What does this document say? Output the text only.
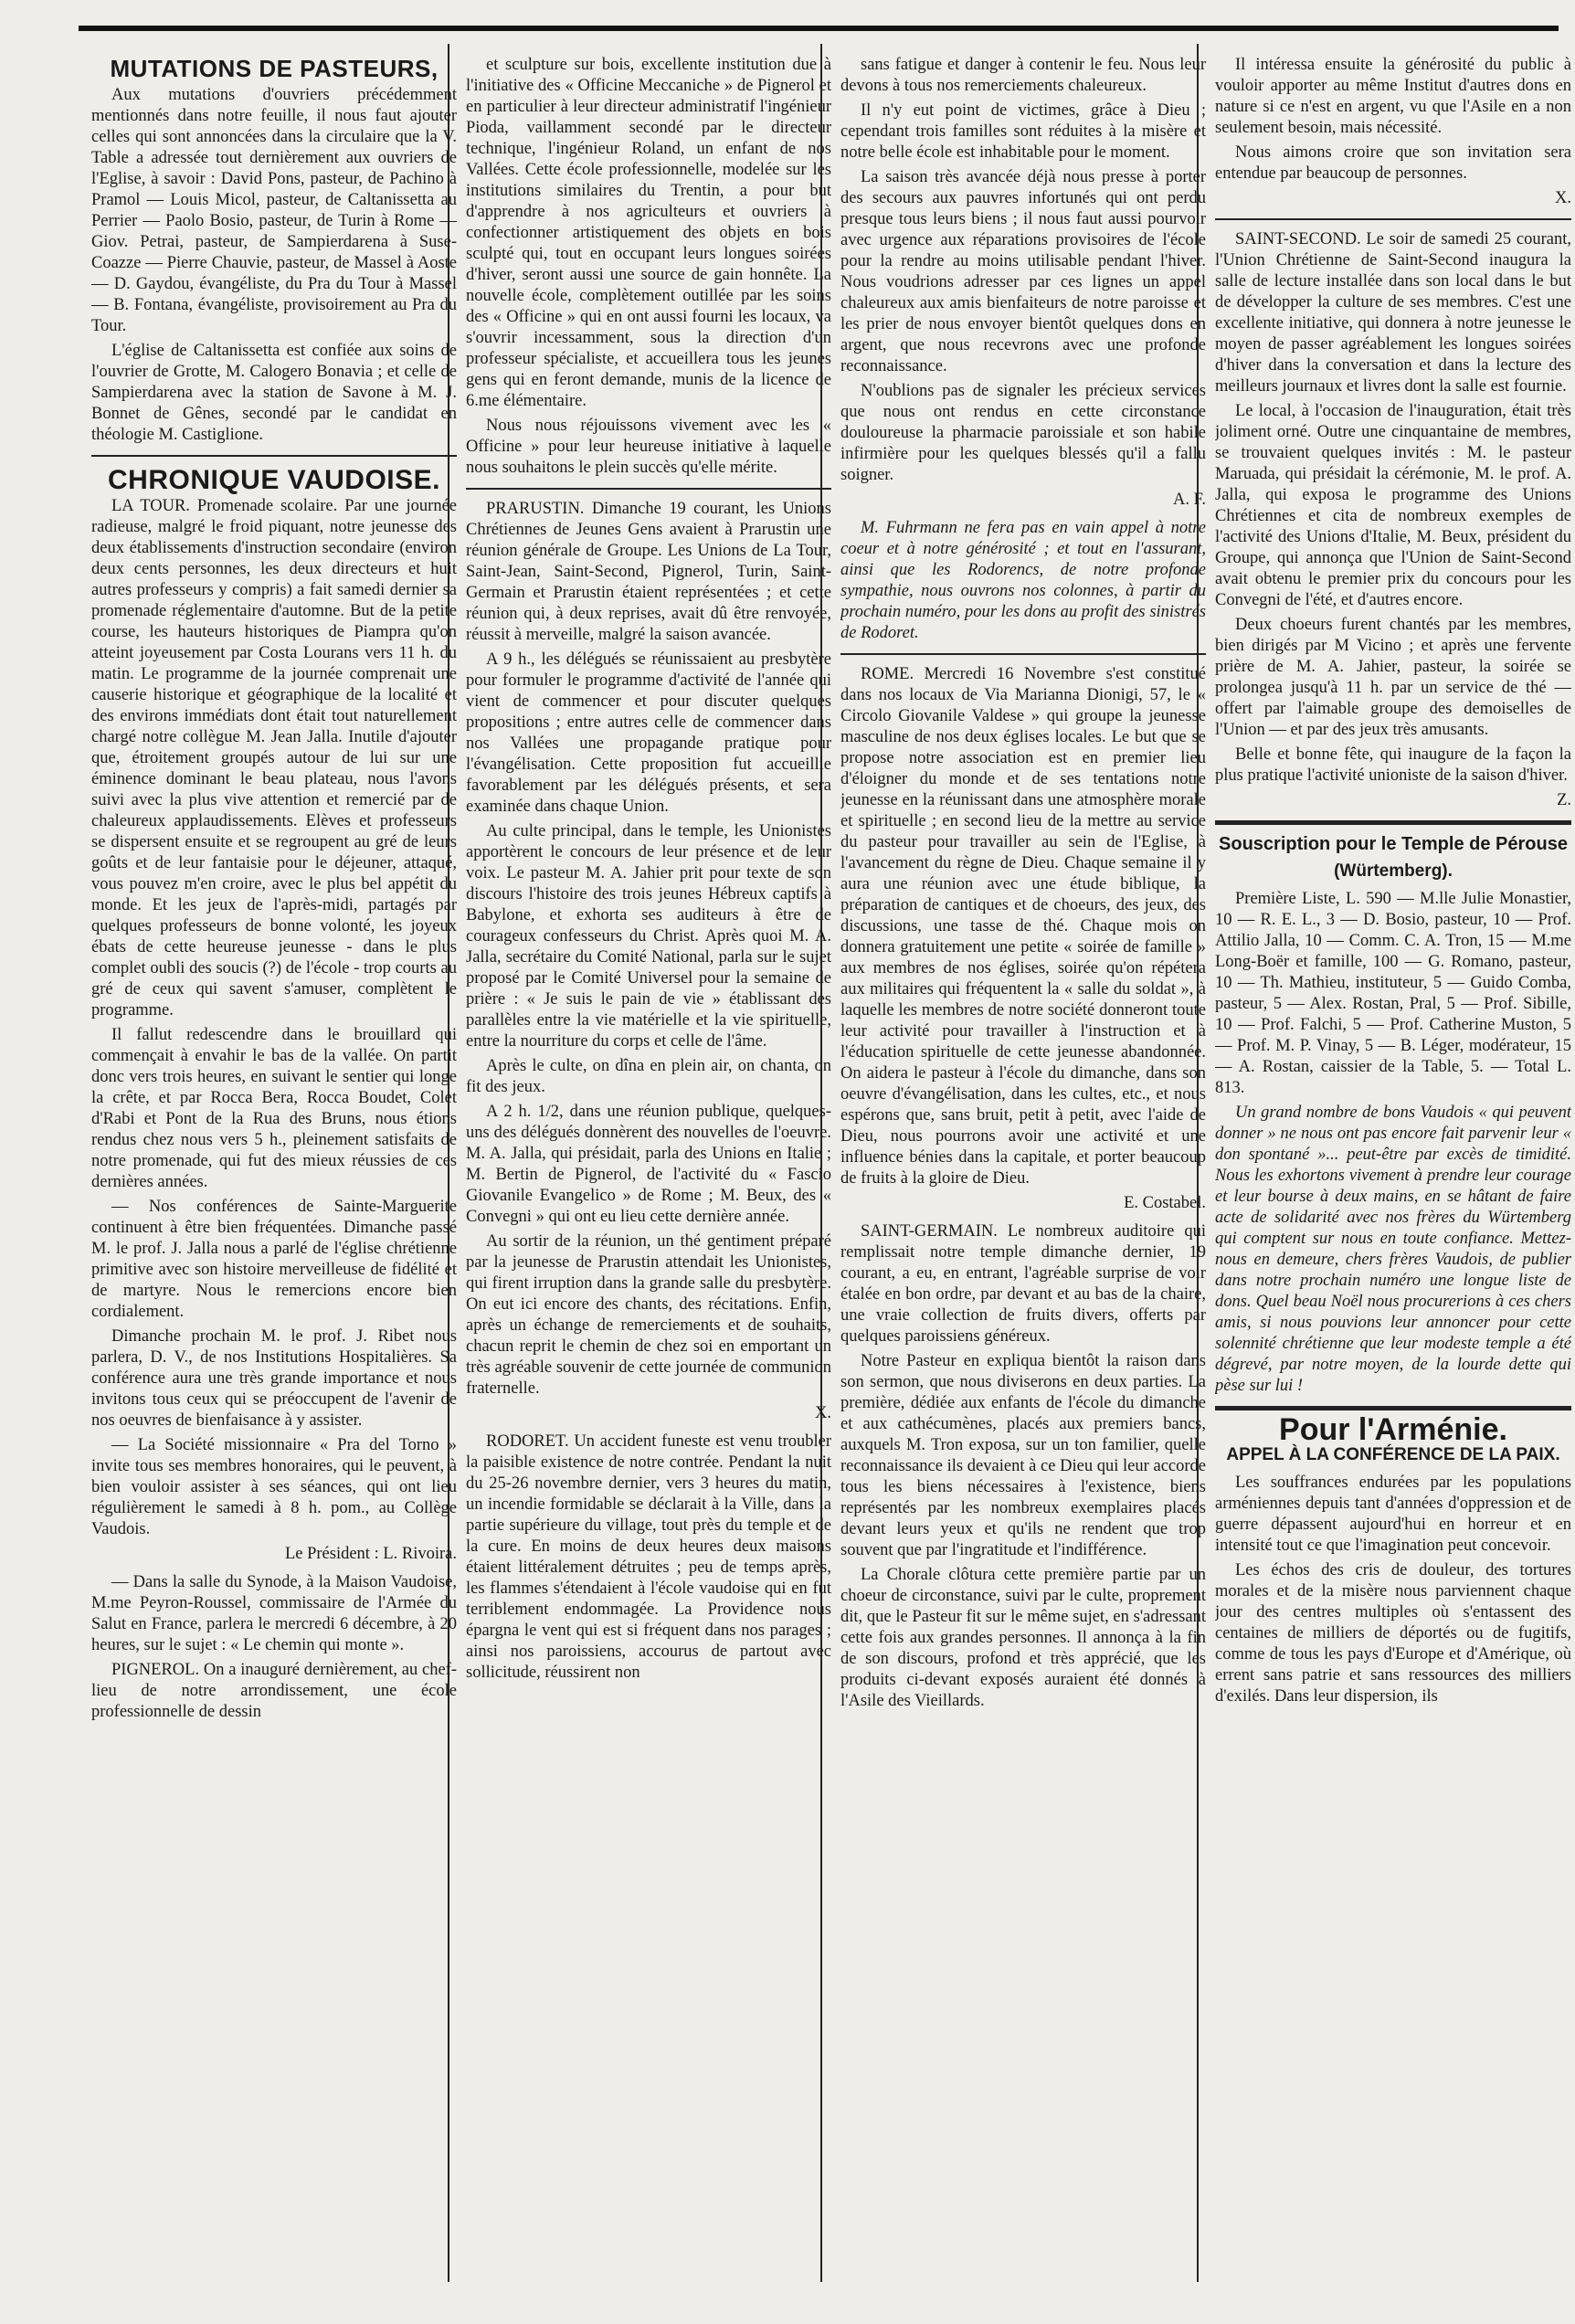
MUTATIONS DE PASTEURS,

Aux mutations d'ouvriers précédemment mentionnés dans notre feuille, il nous faut ajouter celles qui sont annoncées dans la circulaire que la V. Table a adressée tout dernièrement aux ouvriers de l'Eglise, à savoir : David Pons, pasteur, de Pachino à Pramol — Louis Micol, pasteur, de Caltanissetta au Perrier — Paolo Bosio, pasteur, de Turin à Rome — Giov. Petrai, pasteur, de Sampierdarena à Suse-Coazze — Pierre Chauvie, pasteur, de Massel à Aoste — D. Gaydou, évangéliste, du Pra du Tour à Massel — B. Fontana, évangéliste, provisoirement au Pra du Tour.

L'église de Caltanissetta est confiée aux soins de l'ouvrier de Grotte, M. Calogero Bonavia ; et celle de Sampierdarena avec la station de Savone à M. J. Bonnet de Gênes, secondé par le candidat en théologie M. Castiglione.

CHRONIQUE VAUDOISE.

LA TOUR. Promenade scolaire. Par une journée radieuse, malgré le froid piquant, notre jeunesse des deux établissements d'instruction secondaire (environ deux cents personnes, les deux directeurs et huit autres professeurs y compris) a fait samedi dernier sa promenade réglementaire d'automne. But de la petite course, les hauteurs historiques de Piampra qu'on atteint joyeusement par Costa Lourans vers 11 h. du matin. Le programme de la journée comprenait une causerie historique et géographique de la localité et des environs immédiats dont était tout naturellement chargé notre collègue M. Jean Jalla. Inutile d'ajouter que, étroitement groupés autour de lui sur une éminence dominant le beau plateau, nous l'avons suivi avec la plus vive attention et remercié par de chaleureux applaudissements. Elèves et professeurs se dispersent ensuite et se regroupent au gré de leurs goûts et de leur fantaisie pour le déjeuner, attaqué, vous pouvez m'en croire, avec le plus bel appétit du monde. Et les jeux de l'après-midi, partagés par quelques professeurs de bonne volonté, les joyeux ébats de cette heureuse jeunesse - dans le plus complet oubli des soucis (?) de l'école - trop courts au gré de ceux qui savent s'amuser, complètent le programme.

Il fallut redescendre dans le brouillard qui commençait à envahir le bas de la vallée. On partit donc vers trois heures, en suivant le sentier qui longe la crête, et par Rocca Bera, Rocca Boudet, Colet d'Rabi et Pont de la Rua des Bruns, nous étions rendus chez nous vers 5 h., pleinement satisfaits de notre promenade, qui fut des mieux réussies de ces dernières années.

— Nos conférences de Sainte-Marguerite continuent à être bien fréquentées. Dimanche passé M. le prof. J. Jalla nous a parlé de l'église chrétienne primitive avec son histoire merveilleuse de fidélité et de martyre. Nous le remercions encore bien cordialement.

Dimanche prochain M. le prof. J. Ribet nous parlera, D. V., de nos Institutions Hospitalières. Sa conférence aura une très grande importance et nous invitons tous ceux qui se préoccupent de l'avenir de nos oeuvres de bienfaisance à y assister.

— La Société missionnaire « Pra del Torno » invite tous ses membres honoraires, qui le peuvent, à bien vouloir assister à ses séances, qui ont lieu régulièrement le samedi à 8 h. pom., au Collège Vaudois.

Le Président : L. Rivoira.

— Dans la salle du Synode, à la Maison Vaudoise, M.me Peyron-Roussel, commissaire de l'Armée du Salut en France, parlera le mercredi 6 décembre, à 20 heures, sur le sujet : « Le chemin qui monte ».

PIGNEROL. On a inauguré dernièrement, au chef-lieu de notre arrondissement, une école professionnelle de dessin

et sculpture sur bois, excellente institution due à l'initiative des « Officine Meccaniche » de Pignerol et en particulier à leur directeur administratif l'ingénieur Pioda, vaillamment secondé par le directeur technique, l'ingénieur Roland, un enfant de nos Vallées. Cette école professionnelle, modelée sur les institutions similaires du Trentin, a pour but d'apprendre à nos agriculteurs et ouvriers à confectionner artistiquement des objets en bois sculpté qui, tout en occupant leurs longues soirées d'hiver, seront aussi une source de gain honnête. La nouvelle école, complètement outillée par les soins des « Officine » qui en ont aussi fourni les locaux, va s'ouvrir incessamment, sous la direction d'un professeur spécialiste, et accueillera tous les jeunes gens qui en feront demande, munis de la licence de 6.me élémentaire.

Nous nous réjouissons vivement avec les « Officine » pour leur heureuse initiative à laquelle nous souhaitons le plein succès qu'elle mérite.

PRARUSTIN. Dimanche 19 courant, les Unions Chrétiennes de Jeunes Gens avaient à Prarustin une réunion générale de Groupe. Les Unions de La Tour, Saint-Jean, Saint-Second, Pignerol, Turin, Saint-Germain et Prarustin étaient représentées ; et cette réunion qui, à deux reprises, avait dû être renvoyée, réussit à merveille, malgré la saison avancée.

A 9 h., les délégués se réunissaient au presbytère pour formuler le programme d'activité de l'année qui vient de commencer et pour discuter quelques propositions ; entre autres celle de commencer dans nos Vallées une propagande pratique pour l'évangélisation. Cette proposition fut accueillie favorablement par les délégués présents, et sera examinée dans chaque Union.

Au culte principal, dans le temple, les Unionistes apportèrent le concours de leur présence et de leur voix. Le pasteur M. A. Jahier prit pour texte de son discours l'histoire des trois jeunes Hébreux captifs à Babylone, et exhorta ses auditeurs à être de courageux confesseurs du Christ. Après quoi M. A. Jalla, secrétaire du Comité National, parla sur le sujet proposé par le Comité Universel pour la semaine de prière : « Je suis le pain de vie » établissant des parallèles entre la vie matérielle et la vie spirituelle, entre la nourriture du corps et celle de l'âme.

Après le culte, on dîna en plein air, on chanta, on fit des jeux.

A 2 h. 1/2, dans une réunion publique, quelques-uns des délégués donnèrent des nouvelles de l'oeuvre. M. A. Jalla, qui présidait, parla des Unions en Italie ; M. Bertin de Pignerol, de l'activité du « Fascio Giovanile Evangelico » de Rome ; M. Beux, des « Convegni » qui ont eu lieu cette dernière année.

Au sortir de la réunion, un thé gentiment préparé par la jeunesse de Prarustin attendait les Unionistes, qui firent irruption dans la grande salle du presbytère. On eut ici encore des chants, des récitations. Enfin, après un échange de remerciements et de souhaits, chacun reprit le chemin de chez soi en emportant un très agréable souvenir de cette journée de communion fraternelle.

X.

RODORET. Un accident funeste est venu troubler la paisible existence de notre contrée. Pendant la nuit du 25-26 novembre dernier, vers 3 heures du matin, un incendie formidable se déclarait à la Ville, dans la partie supérieure du village, tout près du temple et de la cure. En moins de deux heures deux maisons étaient littéralement détruites ; peu de temps après, les flammes s'étendaient à l'école vaudoise qui en fut terriblement endommagée. La Providence nous épargna le vent qui est si fréquent dans nos parages ; ainsi nos paroissiens, accourus de partout avec sollicitude, réussirent non

sans fatigue et danger à contenir le feu. Nous leur devons à tous nos remerciements chaleureux.

Il n'y eut point de victimes, grâce à Dieu ; cependant trois familles sont réduites à la misère et notre belle école est inhabitable pour le moment.

La saison très avancée déjà nous presse à porter des secours aux pauvres infortunés qui ont perdu presque tous leurs biens ; il nous faut aussi pourvoir avec urgence aux réparations provisoires de l'école pour la rendre au moins utilisable pendant l'hiver. Nous voudrions adresser par ces lignes un appel chaleureux aux amis bienfaiteurs de notre paroisse et les prier de nous envoyer bientôt quelques dons en argent, que nous recevrons avec une profonde reconnaissance.

N'oublions pas de signaler les précieux services que nous ont rendus en cette circonstance douloureuse la pharmacie paroissiale et son habile infirmière pour les quelques blessés qu'il a fallu soigner.

A. F.

M. Fuhrmann ne fera pas en vain appel à notre coeur et à notre générosité ; et tout en l'assurant, ainsi que les Rodorencs, de notre profonde sympathie, nous ouvrons nos colonnes, à partir du prochain numéro, pour les dons au profit des sinistrés de Rodoret.

ROME. Mercredi 16 Novembre s'est constitué dans nos locaux de Via Marianna Dionigi, 57, le « Circolo Giovanile Valdese » qui groupe la jeunesse masculine de nos deux églises locales. Le but que se propose notre association est en premier lieu d'éloigner du monde et de ses tentations notre jeunesse en la réunissant dans une atmosphère morale et spirituelle ; en second lieu de la mettre au service du pasteur pour travailler au sein de l'Eglise, à l'avancement du règne de Dieu. Chaque semaine il y aura une réunion avec une étude biblique, la préparation de cantiques et de choeurs, des jeux, des discussions, une tasse de thé. Chaque mois on donnera gratuitement une petite « soirée de famille » aux membres de nos églises, soirée qu'on répétera aux militaires qui fréquentent la « salle du soldat », à laquelle les membres de notre société donneront toute leur activité pour travailler à l'instruction et à l'éducation spirituelle de cette jeunesse abandonnée. On aidera le pasteur à l'école du dimanche, dans son oeuvre d'évangélisation, dans les cultes, etc., et nous espérons que, sans bruit, petit à petit, avec l'aide de Dieu, nous pourrons avoir une activité et une influence bénies dans la capitale, et porter beaucoup de fruits à la gloire de Dieu.

E. Costabel.

SAINT-GERMAIN. Le nombreux auditoire qui remplissait notre temple dimanche dernier, 19 courant, a eu, en entrant, l'agréable surprise de voir étalée en bon ordre, par devant et au bas de la chaire, une vraie collection de fruits divers, offerts par quelques paroissiens généreux.

Notre Pasteur en expliqua bientôt la raison dans son sermon, que nous diviserons en deux parties. La première, dédiée aux enfants de l'école du dimanche et aux cathécumènes, placés aux premiers bancs, auxquels M. Tron exposa, sur un ton familier, quelle reconnaissance ils devaient à ce Dieu qui leur accorde tous les biens nécessaires à l'existence, biens représentés par les nombreux exemplaires placés devant leurs yeux et qu'ils ne rendent que trop souvent que par l'ingratitude et l'indifférence.

La Chorale clôtura cette première partie par un choeur de circonstance, suivi par le culte, proprement dit, que le Pasteur fit sur le même sujet, en s'adressant cette fois aux grandes personnes. Il annonça à la fin de son discours, profond et très apprécié, que les produits ci-devant exposés auraient été donnés à l'Asile des Vieillards.

Il intéressa ensuite la générosité du public à vouloir apporter au même Institut d'autres dons en nature si ce n'est en argent, vu que l'Asile en a non seulement besoin, mais nécessité.

Nous aimons croire que son invitation sera entendue par beaucoup de personnes.

X.

SAINT-SECOND. Le soir de samedi 25 courant, l'Union Chrétienne de Saint-Second inaugura la salle de lecture installée dans son local dans le but de développer la culture de ses membres. C'est une excellente initiative, qui donnera à notre jeunesse le moyen de passer agréablement les longues soirées d'hiver dans la conversation et dans la lecture des meilleurs journaux et livres dont la salle est fournie.

Le local, à l'occasion de l'inauguration, était très joliment orné. Outre une cinquantaine de membres, se trouvaient quelques invités : M. le pasteur Maruada, qui présidait la cérémonie, M. le prof. A. Jalla, qui exposa le programme des Unions Chrétiennes et cita de nombreux exemples de l'activité des Unions d'Italie, M. Beux, président du Groupe, qui annonça que l'Union de Saint-Second avait obtenu le premier prix du concours pour les Convegni de l'été, et d'autres encore.

Deux choeurs furent chantés par les membres, bien dirigés par M Vicino ; et après une fervente prière de M. A. Jahier, pasteur, la soirée se prolongea jusqu'à 11 h. par un service de thé — offert par l'aimable groupe des demoiselles de l'Union — et par des jeux très amusants.

Belle et bonne fête, qui inaugure de la façon la plus pratique l'activité unioniste de la saison d'hiver.

Z.

Souscription pour le Temple de Pérouse
(Würtemberg).

Première Liste, L. 590 — M.lle Julie Monastier, 10 — R. E. L., 3 — D. Bosio, pasteur, 10 — Prof. Attilio Jalla, 10 — Comm. C. A. Tron, 15 — M.me Long-Boër et famille, 100 — G. Romano, pasteur, 10 — Th. Mathieu, instituteur, 5 — Guido Comba, pasteur, 5 — Alex. Rostan, Pral, 5 — Prof. Sibille, 10 — Prof. Falchi, 5 — Prof. Catherine Muston, 5 — Prof. M. P. Vinay, 5 — B. Léger, modérateur, 15 — A. Rostan, caissier de la Table, 5. — Total L. 813.

Un grand nombre de bons Vaudois « qui peuvent donner » ne nous ont pas encore fait parvenir leur « don spontané »... peut-être par excès de timidité. Nous les exhortons vivement à prendre leur courage et leur bourse à deux mains, en se hâtant de faire acte de solidarité avec nos frères du Würtemberg qui comptent sur nous en toute confiance. Mettez-nous en demeure, chers frères Vaudois, de publier dans notre prochain numéro une longue liste de dons. Quel beau Noël nous procurerions à ces chers amis, si nous pouvions leur annoncer pour cette solennité chrétienne que leur modeste temple a été dégrevé, par notre moyen, de la lourde dette qui pèse sur lui !

Pour l'Arménie.
APPEL À LA CONFÉRENCE DE LA PAIX.

Les souffrances endurées par les populations arméniennes depuis tant d'années d'oppression et de guerre dépassent aujourd'hui en horreur et en intensité tout ce que l'imagination peut concevoir.

Les échos des cris de douleur, des tortures morales et de la misère nous parviennent chaque jour des centres multiples où s'entassent des centaines de milliers de déportés ou de fugitifs, comme de tous les pays d'Europe et d'Amérique, où errent sans patrie et sans ressources des milliers d'exilés. Dans leur dispersion, ils
